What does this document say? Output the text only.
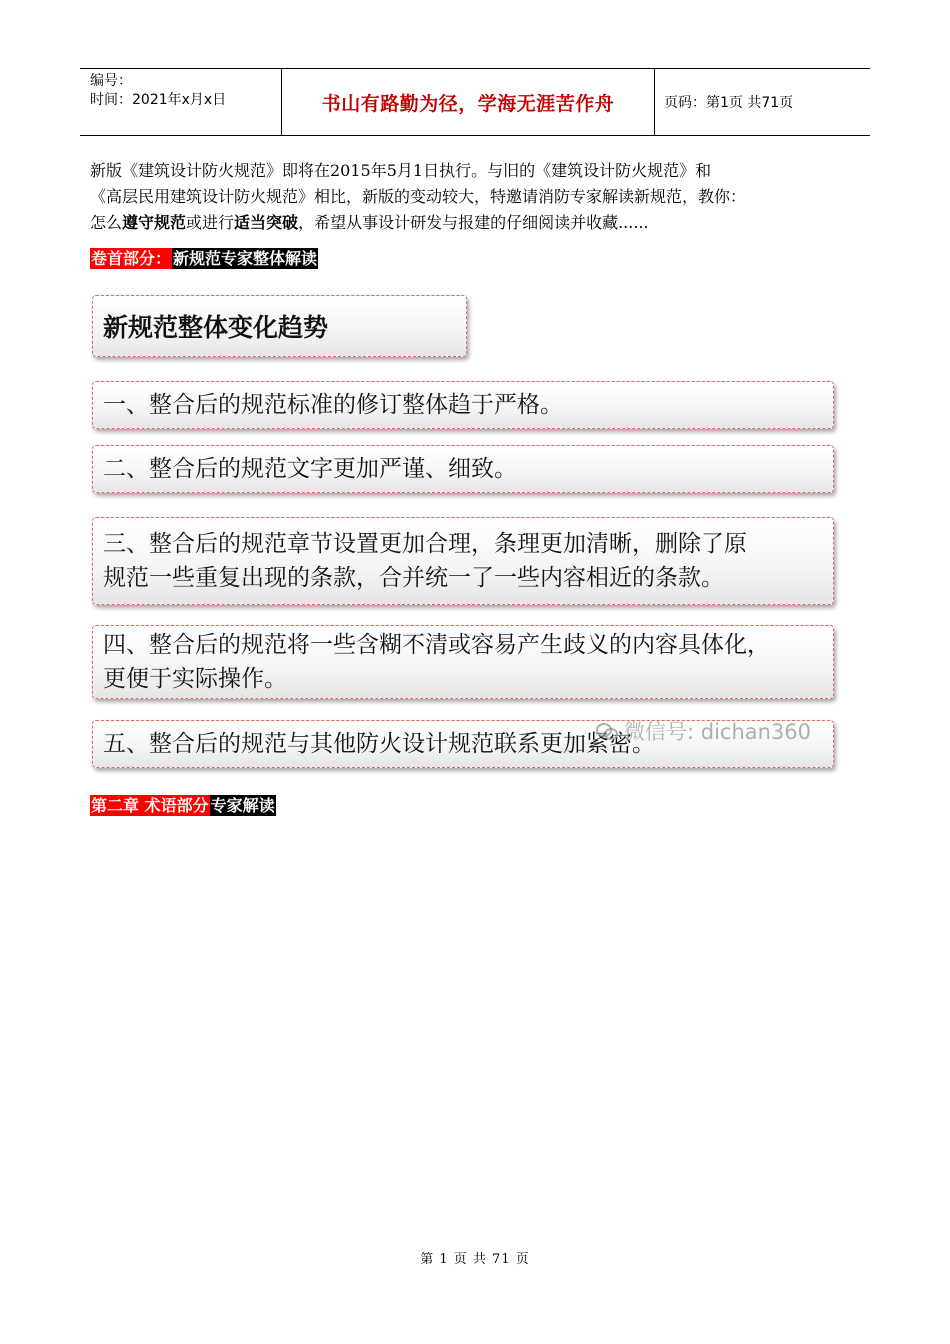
编号：
时间：2021年x月x日	书山有路勤为径，学海无涯苦作舟	页码：第1页 共71页
新版《建筑设计防火规范》即将在2015年5月1日执行。与旧的《建筑设计防火规范》和
《高层民用建筑设计防火规范》相比，新版的变动较大，特邀请消防专家解读新规范，教你：
怎么遵守规范或进行适当突破，希望从事设计研发与报建的仔细阅读并收藏......
卷首部分： 新规范专家整体解读
新规范整体变化趋势
一、整合后的规范标准的修订整体趋于严格。
二、整合后的规范文字更加严谨、细致。
三、整合后的规范章节设置更加合理，条理更加清晰，删除了原
规范一些重复出现的条款，合并统一了一些内容相近的条款。
四、整合后的规范将一些含糊不清或容易产生歧义的内容具体化，
更便于实际操作。
五、整合后的规范与其他防火设计规范联系更加紧密。
微信号: dichan360
第二章 术语部分 专家解读
第 1 页 共 71 页
